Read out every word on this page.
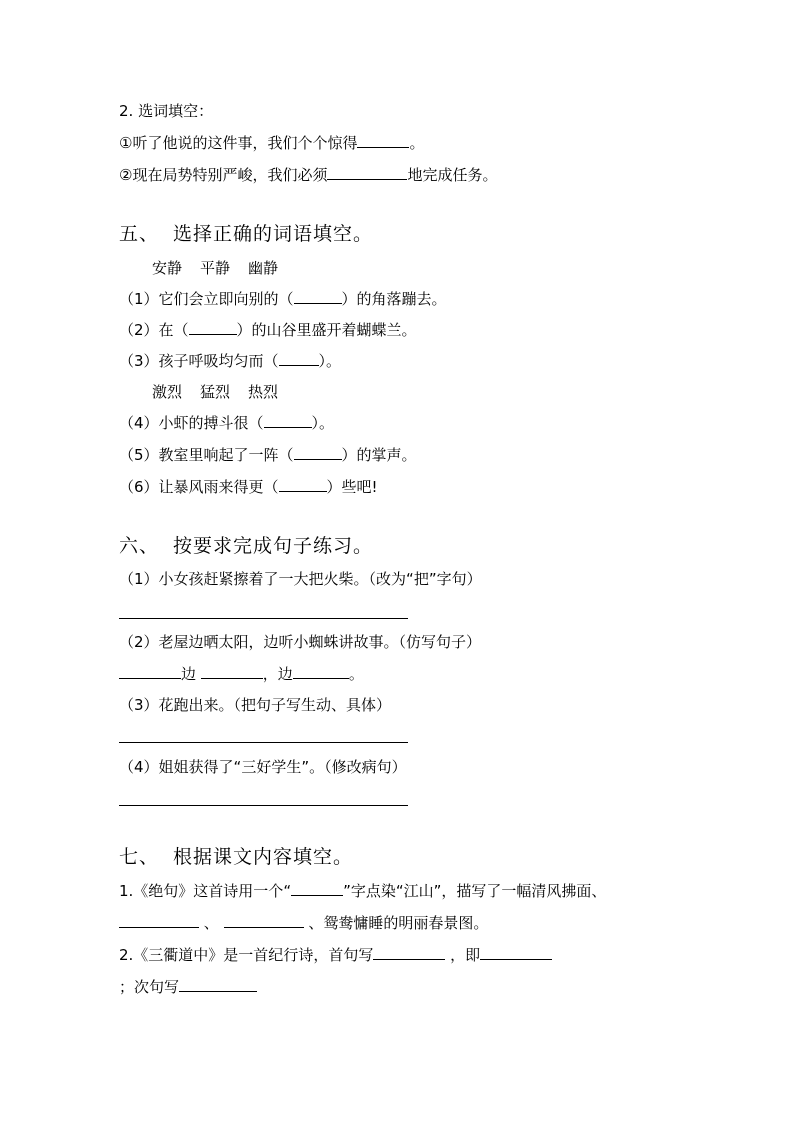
2. 选词填空：
①听了他说的这件事，我们个个惊得	。
②现在局势特别严峻，我们必须	地完成任务。
五、 选择正确的词语填空。
安静 平静 幽静
（1）它们会立即向别的（	）的角落蹦去。
（2）在（	）的山谷里盛开着蝴蝶兰。
（3）孩子呼吸均匀而（	）。
激烈 猛烈 热烈
（4）小虾的搏斗很（	）。
（5）教室里响起了一阵（	）的掌声。
（6）让暴风雨来得更（	）些吧!
六、 按要求完成句子练习。
（1）小女孩赶紧擦着了一大把火柴。（改为“把”字句）
（2）老屋边晒太阳，边听小蜘蛛讲故事。（仿写句子）
边	，边	。
（3）花跑出来。（把句子写生动、具体）
（4）姐姐获得了“三好学生”。（修改病句）
七、 根据课文内容填空。
1.《绝句》这首诗用一个“	”字点染“江山”，描写了一幅清风拂面、
、	、鸳鸯慵睡的明丽春景图。
2.《三衢道中》是一首纪行诗，首句写	，即
；次句写
